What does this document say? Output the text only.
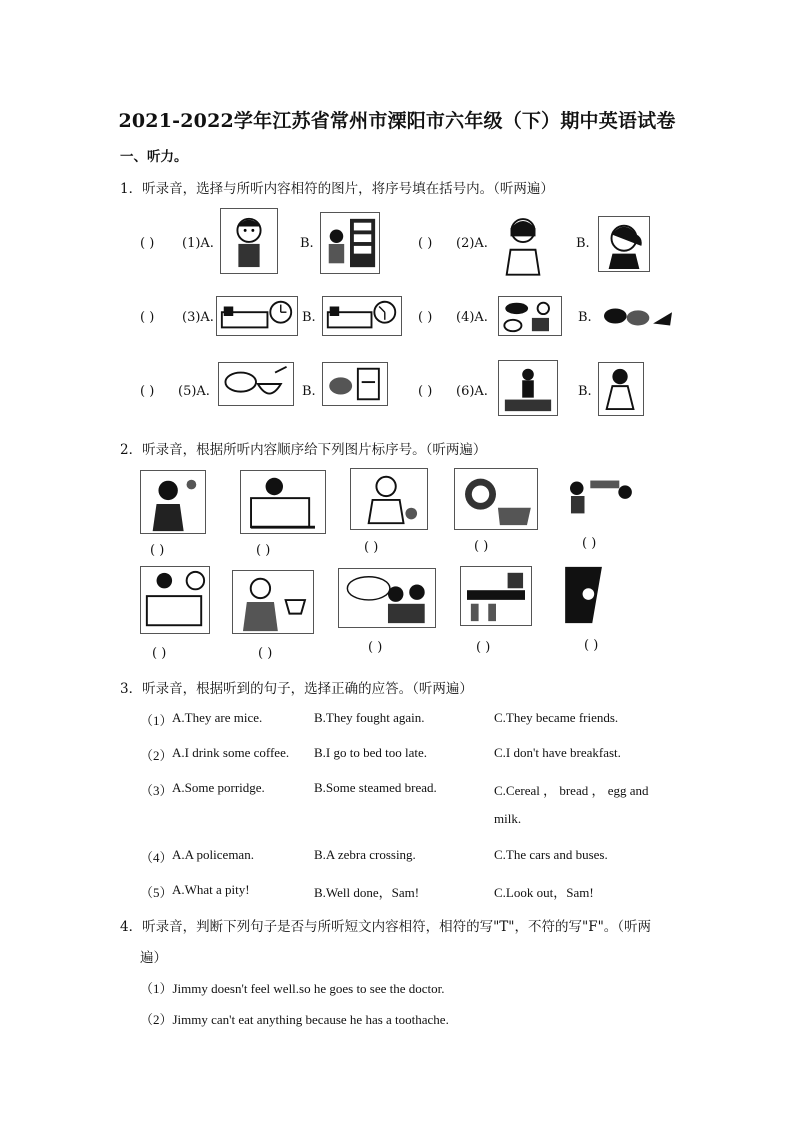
2021-2022学年江苏省常州市溧阳市六年级（下）期中英语试卷
一、听力。
1．听录音，选择与所听内容相符的图片，将序号填在括号内。（听两遍）
( ) (1)A.	B.	( ) (2)A.	B.
( ) (3)A.	B.	( ) (4)A.	B.
( ) (5)A.	B.	( ) (6)A.	B.
2．听录音，根据所听内容顺序给下列图片标序号。（听两遍）
( )	( )	( )	( )	( )
( )	( )	( )	( )	( )
3．听录音，根据听到的句子，选择正确的应答。（听两遍）
（1） A.They are mice.	B.They fought again.	C.They became friends.
（2） A.I drink some coffee. B.I go to bed too late.	C.I don't have breakfast.
（3） A.Some porridge.	B.Some steamed bread.	C.Cereal ， bread ， egg and
milk.
（4） A.A policeman.	B.A zebra crossing.	C.The cars and buses.
（5） A.What a pity!	B.Well done，Sam!	C.Look out，Sam!
4．听录音，判断下列句子是否与所听短文内容相符，相符的写"T"，不符的写"F"。（听两
遍）
（1）Jimmy doesn't feel well.so he goes to see the doctor.
（2）Jimmy can't eat anything because he has a toothache.
